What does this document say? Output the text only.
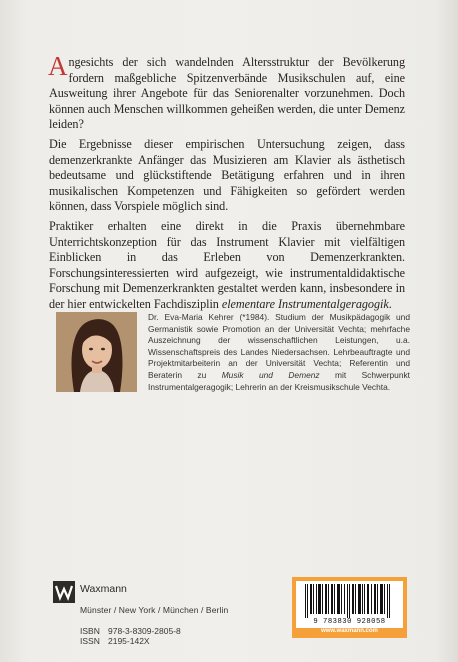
Angesichts der sich wandelnden Altersstruktur der Bevölkerung fordern maßgebliche Spitzenverbände Musikschulen auf, eine Ausweitung ihrer Angebote für das Seniorenalter vorzunehmen. Doch können auch Menschen willkommen geheißen werden, die unter Demenz leiden?

Die Ergebnisse dieser empirischen Untersuchung zeigen, dass demenzerkrankte Anfänger das Musizieren am Klavier als ästhetisch bedeutsame und glückstiftende Betätigung erfahren und in ihren musikalischen Kompetenzen und Fähigkeiten so gefördert werden können, dass Vorspiele möglich sind.

Praktiker erhalten eine direkt in die Praxis übernehmbare Unterrichtskonzeption für das Instrument Klavier mit vielfältigen Einblicken in das Erleben von Demenzerkrankten. Forschungsinteressierten wird aufgezeigt, wie instrumentaldidaktische Forschung mit Demenzerkrankten gestaltet werden kann, insbesondere in der hier entwickelten Fachdisziplin elementare Instrumentalgeragogik.

Dr. Eva-Maria Kehrer (*1984). Studium der Musikpädagogik und Germanistik sowie Promotion an der Universität Vechta; mehrfache Auszeichnung der wissenschaftlichen Leistungen, u.a. Wissenschaftspreis des Landes Niedersachsen. Lehrbeauftragte und Projektmitarbeiterin an der Universität Vechta; Referentin und Beraterin zu Musik und Demenz mit Schwerpunkt Instrumentalgeragogik; Lehrerin an der Kreismusikschule Vechta.
Waxmann
Münster / New York / München / Berlin
ISBN 978-3-8309-2805-8
ISSN 2195-142X
9 783830 928058
www.waxmann.com
